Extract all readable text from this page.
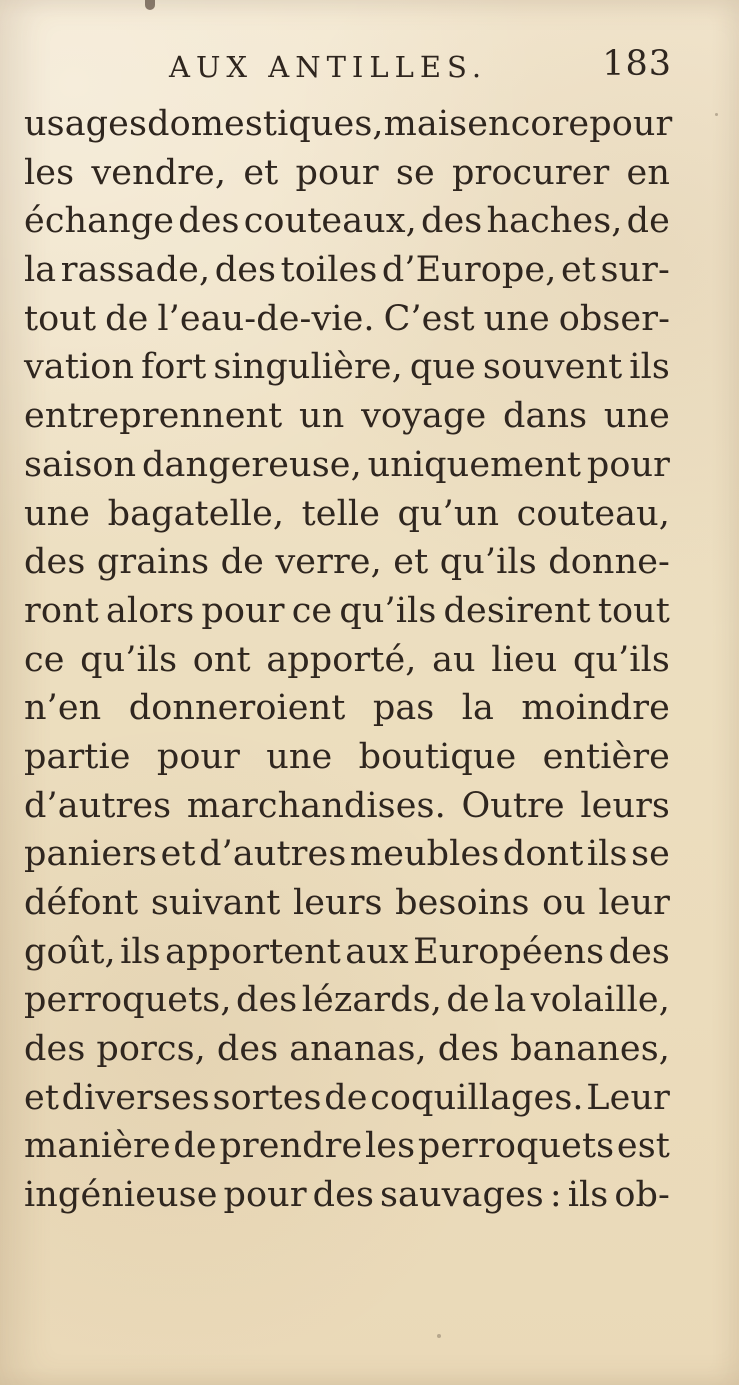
AUX ANTILLES.	183
usages domestiques, mais encore pour
les vendre, et pour se procurer en
échange des couteaux, des haches, de
la rassade, des toiles d’Europe, et sur-
tout de l’eau-de-vie. C’est une obser-
vation fort singulière, que souvent ils
entreprennent un voyage dans une
saison dangereuse, uniquement pour
une bagatelle, telle qu’un couteau,
des grains de verre, et qu’ils donne-
ront alors pour ce qu’ils desirent tout
ce qu’ils ont apporté, au lieu qu’ils
n’en donneroient pas la moindre
partie pour une boutique entière
d’autres marchandises. Outre leurs
paniers et d’autres meubles dont ils se
défont suivant leurs besoins ou leur
goût, ils apportent aux Européens des
perroquets, des lézards, de la volaille,
des porcs, des ananas, des bananes,
et diverses sortes de coquillages. Leur
manière de prendre les perroquets est
ingénieuse pour des sauvages : ils ob-
